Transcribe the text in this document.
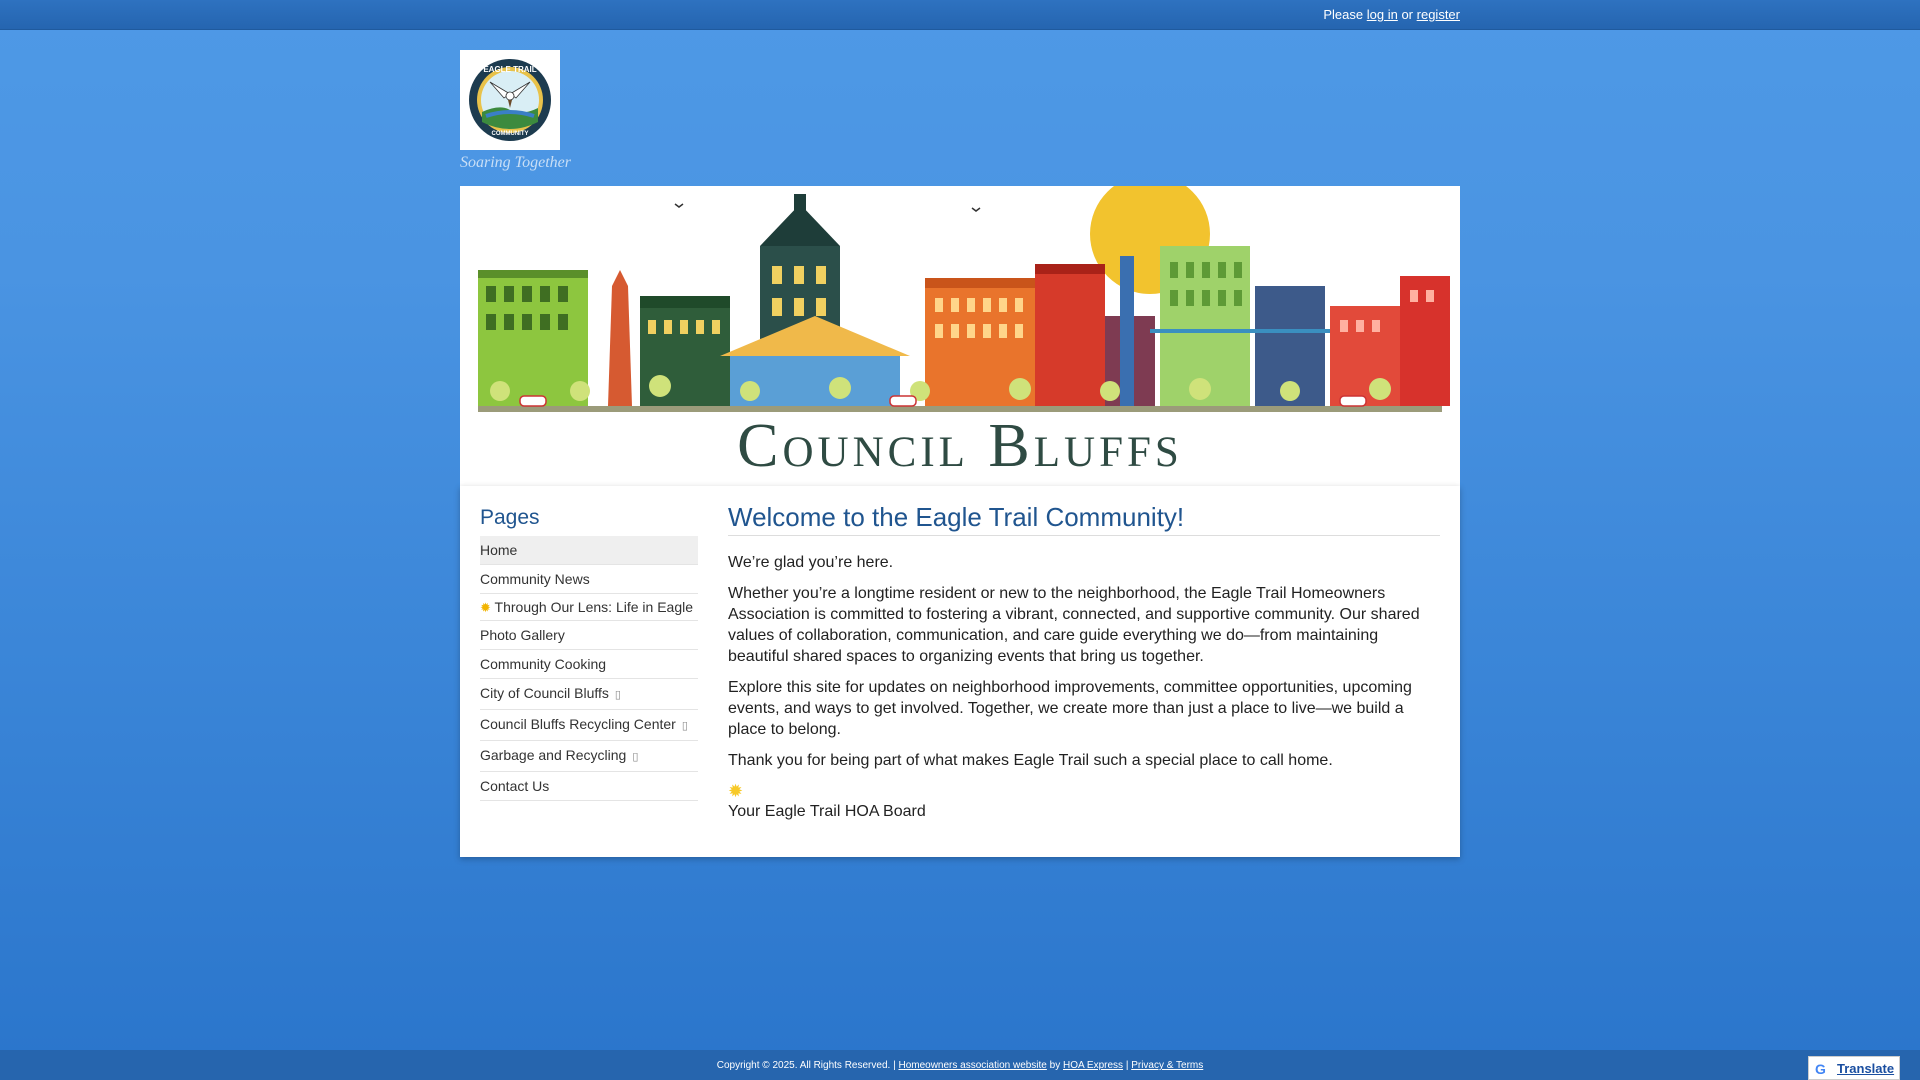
Please log in or register
EAGLE TRAIL
COMMUNITY
Soaring Together
Council Bluffs
Pages
Home
Community News
✹ Through Our Lens: Life in Eagle
Photo Gallery
Community Cooking
City of Council Bluffs ▯
Council Bluffs Recycling Center ▯
Garbage and Recycling ▯
Contact Us
Welcome to the Eagle Trail Community!

We’re glad you’re here.

Whether you’re a longtime resident or new to the neighborhood, the Eagle Trail Homeowners Association is committed to fostering a vibrant, connected, and supportive community. Our shared values of collaboration, communication, and care guide everything we do—from maintaining beautiful shared spaces to organizing events that bring us together.

Explore this site for updates on neighborhood improvements, committee opportunities, upcoming events, and ways to get involved. Together, we create more than just a place to live—we build a place to belong.

Thank you for being part of what makes Eagle Trail such a special place to call home.

✹

Your Eagle Trail HOA Board

Copyright © 2025. All Rights Reserved. | Homeowners association website by HOA Express | Privacy & Terms	G Translate
